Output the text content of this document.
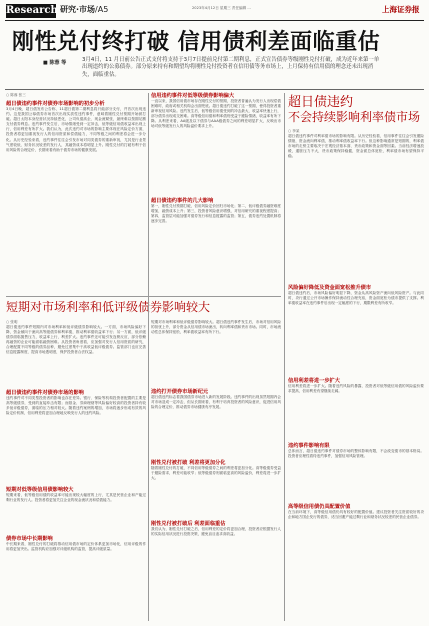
Research 研究·市场/A5	2023年4月12日 星期三 责任编辑 ...	上海证券报
刚性兑付终打破 信用债利差面临重估
■ 陈蓉 等	3月4日，11 月日前公告正式支付将支持于3月7日提前兑付第二期利息，正式宣告债券等级刚性兑付打破，成为近年来第一单出现违约的公募债券。部分原来持有和期望均将刚性兑付投资者在信用债等务市场上，上月保持有信用债的理念还未出现消失，面临重估。
○ 陈蓉 张三
超日债违约事件对债券市场影响的初步分析
3月4日晚，超日债发布公告称，11超日债第二期利息将只能部分支付，并首次出现违约。这是我国公募债券市场首次出现实质性违约事件，意味着刚性兑付预期开始被打破。超日太阳本身经营状况持续恶化，公司负债高企、现金流紧张，最终难以按期足额支付债券利息。违约事件发生后，市场情绪受到一定冲击，低等级信用债收益率出现上行，信用利差有所扩大。我们认为，此次违约对市场的影响主要体现在风险定价方面，投资者将更加重视发行人的信用资质和偿债能力，不同等级之间的利差将会进一步分化。从历史经验来看，违约事件往往会引发市场对同类债券的重新审视，尤其是行业景气度较低、财务状况较差的发行人，其融资成本将明显上升。刚性兑付的打破有利于信用风险的合理定价，长期来看有助于债券市场的健康发展。
短期对市场利率和低评级债券影响较大
○ 张明
超日债违约事件短期内对市场利率和低评级债券影响较大。一方面，市场风险偏好下降，资金倾向于流向高等级债券和利率债，推动利率债收益率下行；另一方面，低评级债券面临抛售压力，收益率上行，利差扩大。违约事件还可能引发连锁反应，部分依赖再融资的企业可能面临融资困难。从投资者角度看，应加强对发行人信用资质的研究，合理配置不同等级的债券品种，避免过度集中于高收益低评级债券。监管部门也应完善信息披露制度，提高市场透明度，保护投资者合法权益。
超日债违约事件对债券市场的影响
违约事件对不同类型投资者的影响也存在差异。银行、保险等机构投资者配置的主要是高等级债券，受到的直接冲击有限；而基金、券商理财等风险偏好较高的投资者持有较多低评级债券，面临的压力相对较大。随着违约案例的增加，市场将逐步形成有效的风险定价机制，信用利差将更加合理地反映发行人的违约风险。
短期对低等级信用债影响较大
短期来看，低等级信用债的收益率可能出现较大幅度的上行，尤其是民营企业和产能过剩行业的发行人。投资者将更加关注企业的现金流状况和偿债能力。
债券市场中长期影响
中长期来看，刚性兑付的打破将推动信用债市场的定价体系更加市场化，信用评级的作用将更加突出。监管机构应加强对评级机构的监管，提高评级质量。
信用违约事件对低等级债券影响偏大
一直以来，我国信用债市场存在刚性兑付的预期，投资者普遍认为发行人出现偿债困难时，政府或相关机构会出面兜底。超日债违约打破了这一预期，使得投资者重新审视信用风险。违约发生后，低等级信用债受到的冲击最大，收益率快速上行，部分债券出现成交困难。高等级信用债和利率债则受益于避险情绪，收益率有所下降。从利差来看，AA级及以下债券与AAA级债券之间的利差明显扩大，反映出市场对低等级发行人的风险溢价要求上升。
超日债违约事件的几大影响
第一，刚性兑付预期打破，信用风险定价回归市场化；第二，低评级债券融资难度增加，融资成本上升；第三，投资者风险意识增强，对信用研究的重视程度提高；第四，监管层可能加强对债券发行和信息披露的监管；第五，债券违约处置机制将逐步完善。
短期对市场利率和低评级债券影响较大。超日债违约事件发生后，市场对信用风险的担忧上升，部分资金从信用债市场流出，转向利率债和货币市场。同时，市场流动性总体保持宽松，利率债收益率有所下行。
违约打开债券市场新纪元
超日债违约标志着我国债券市场进入新的发展阶段。违约事件的出现虽然短期内会对市场造成一定冲击，但从长期来看，有利于培育投资者的风险意识，促进信用风险的合理定价，推动债券市场健康有序发展。
刚性兑付被打破 利差将更加分化
随着刚性兑付的打破，不同信用等级债券之间的利差将更加分化。高等级债券受益于避险需求，利差可能收窄；低等级债券则面临更高的风险溢价，利差将进一步扩大。
刚性兑付被打破后 利差面临重估
我们认为，刚性兑付打破之后，信用利差的定价将更加合理，投资者应根据发行人的实际信用状况进行投资决策，避免盲目追求高收益。
超日债违约
不会持续影响利率债市场
○ 李某
超日债违约事件对利率债市场的影响有限。从历史经验看，信用事件往往会引发避险情绪，资金流向利率债，推动利率债收益率下行。但这种影响通常是短期的，利率债市场的走势主要取决于宏观经济基本面、货币政策和资金面等因素。当前经济增速放缓，通胀压力不大，货币政策保持稳健，资金面总体宽松，利率债市场有望保持平稳。
风险偏好降低及资金面宽松推升债市
超日债违约后，市场风险偏好明显下降，资金从高风险资产流向低风险资产。与此同时，央行通过公开市场操作保持流动性合理充裕，资金面宽松为债市提供了支撑。利率债收益率在违约事件后出现一定幅度的下行，期限利差有所收窄。
信用利差将进一步扩大
信用利差将进一步扩大。随着违约风险的暴露，投资者对低等级信用债的风险溢价要求提高，信用利差有望继续走阔。
违约事件影响有限
总体而言，超日债违约事件对债券市场的整体影响有限，不会改变债市的基本格局。投资者应理性看待违约事件，加强信用风险管理。
高等级信用债仍具配置价值
在当前环境下，高等级信用债仍具有较好的配置价值。建议投资者关注资质较好的央企和地方国企发行的债券，适当回避产能过剩行业和财务状况较差的民营企业债券。
